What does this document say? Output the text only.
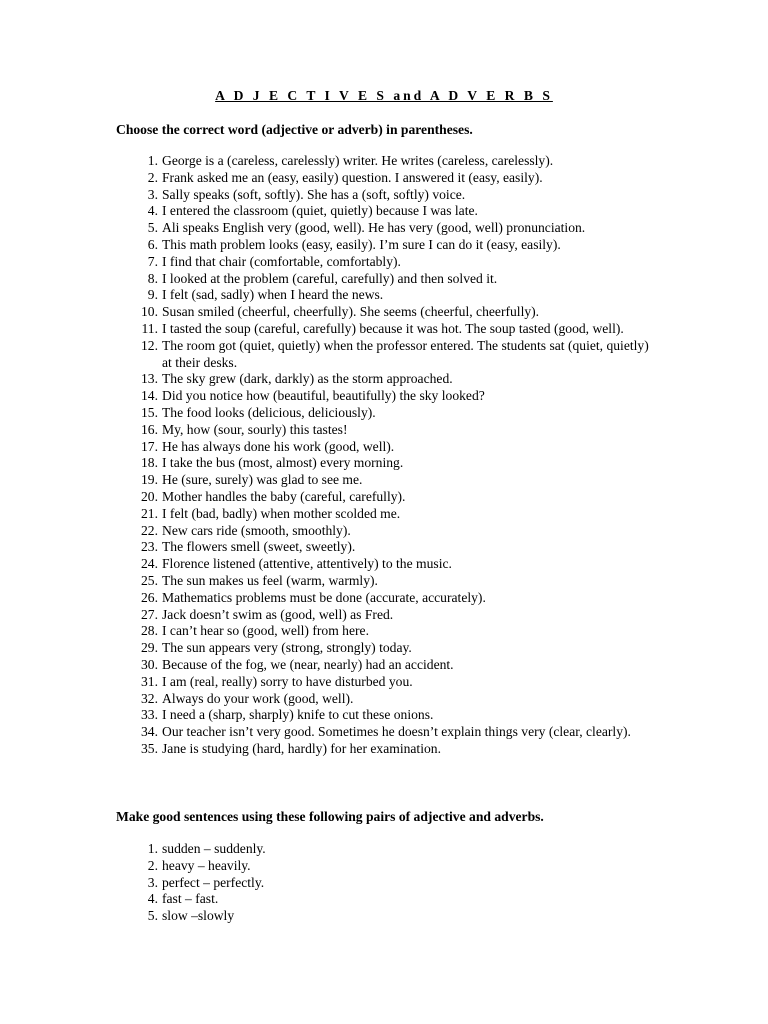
A D J E C T I V E S and A D V E R B S
Choose the correct word (adjective or adverb) in parentheses.
1. George is a (careless, carelessly) writer. He writes (careless, carelessly).
2. Frank asked me an (easy, easily) question. I answered it (easy, easily).
3. Sally speaks (soft, softly). She has a (soft, softly) voice.
4. I entered the classroom (quiet, quietly) because I was late.
5. Ali speaks English very (good, well). He has very (good, well) pronunciation.
6. This math problem looks (easy, easily). I’m sure I can do it (easy, easily).
7. I find that chair (comfortable, comfortably).
8. I looked at the problem (careful, carefully) and then solved it.
9. I felt (sad, sadly) when I heard the news.
10. Susan smiled (cheerful, cheerfully). She seems (cheerful, cheerfully).
11. I tasted the soup (careful, carefully) because it was hot. The soup tasted (good, well).
12. The room got (quiet, quietly) when the professor entered. The students sat (quiet, quietly) at their desks.
13. The sky grew (dark, darkly) as the storm approached.
14. Did you notice how (beautiful, beautifully) the sky looked?
15. The food looks (delicious, deliciously).
16. My, how (sour, sourly) this tastes!
17. He has always done his work (good, well).
18. I take the bus (most, almost) every morning.
19. He (sure, surely) was glad to see me.
20. Mother handles the baby (careful, carefully).
21. I felt (bad, badly) when mother scolded me.
22. New cars ride (smooth, smoothly).
23. The flowers smell (sweet, sweetly).
24. Florence listened (attentive, attentively) to the music.
25. The sun makes us feel (warm, warmly).
26. Mathematics problems must be done (accurate, accurately).
27. Jack doesn’t swim as (good, well) as Fred.
28. I can’t hear so (good, well) from here.
29. The sun appears very (strong, strongly) today.
30. Because of the fog, we (near, nearly) had an accident.
31. I am (real, really) sorry to have disturbed you.
32. Always do your work (good, well).
33. I need a (sharp, sharply) knife to cut these onions.
34. Our teacher isn’t very good. Sometimes he doesn’t explain things very (clear, clearly).
35. Jane is studying (hard, hardly) for her examination.
Make good sentences using these following pairs of adjective and adverbs.
1. sudden – suddenly.
2. heavy – heavily.
3. perfect – perfectly.
4. fast – fast.
5. slow –slowly
